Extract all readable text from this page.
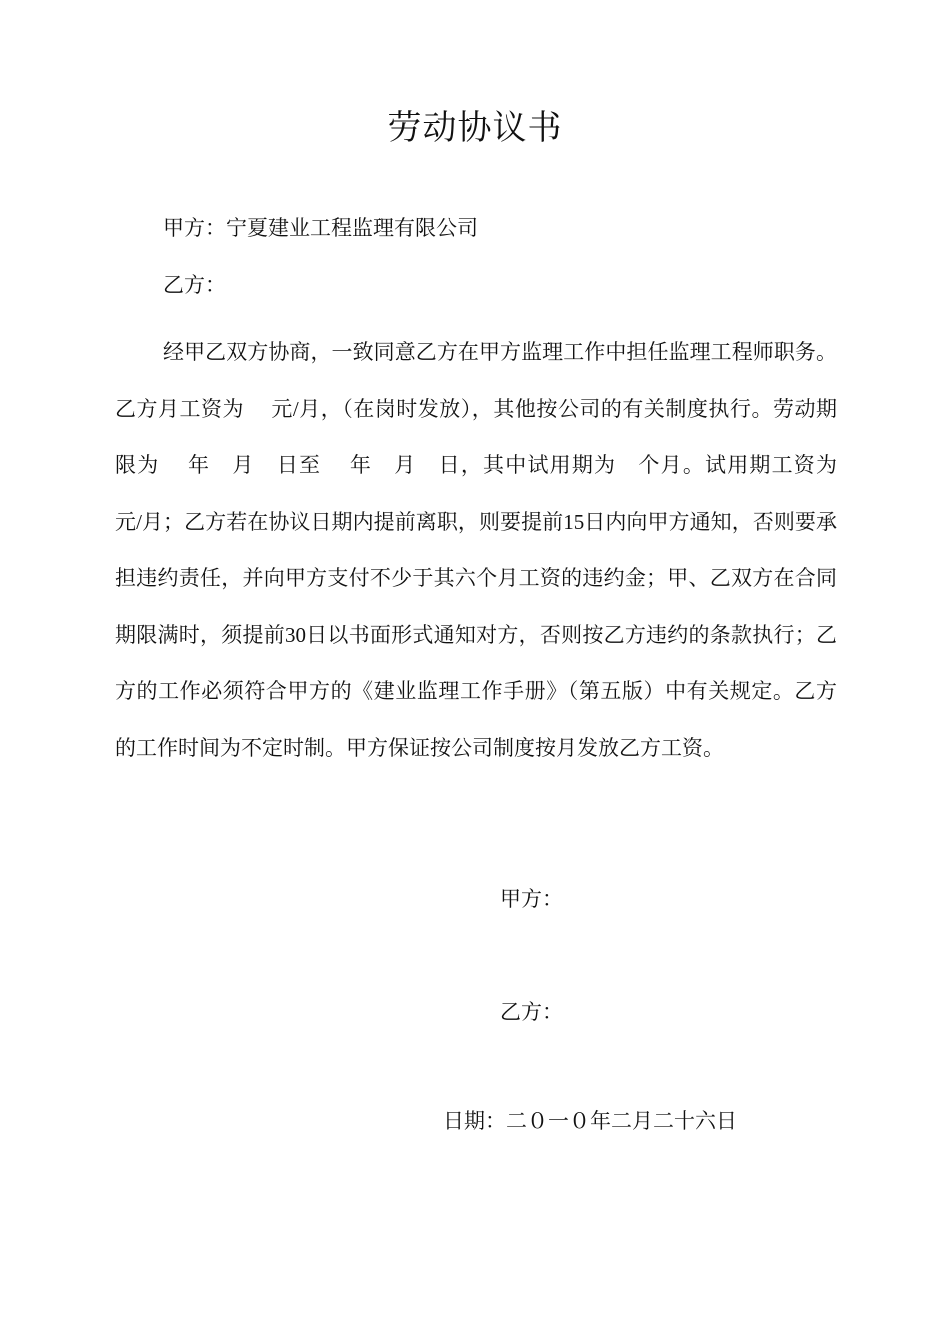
劳动协议书
甲方：宁夏建业工程监理有限公司
乙方：

经甲乙双方协商，一致同意乙方在甲方监理工作中担任监理工程师职务。乙方月工资为　 元/月，（在岗时发放），其他按公司的有关制度执行。劳动期限为　 年　月　日至　 年　月　日，其中试用期为　个月。试用期工资为　 元/月；乙方若在协议日期内提前离职，则要提前15日内向甲方通知，否则要承担违约责任，并向甲方支付不少于其六个月工资的违约金；甲、乙双方在合同期限满时，须提前30日以书面形式通知对方，否则按乙方违约的条款执行；乙方的工作必须符合甲方的《建业监理工作手册》（第五版）中有关规定。乙方的工作时间为不定时制。甲方保证按公司制度按月发放乙方工资。

甲方：
乙方：
日期：二０一０年二月二十六日
